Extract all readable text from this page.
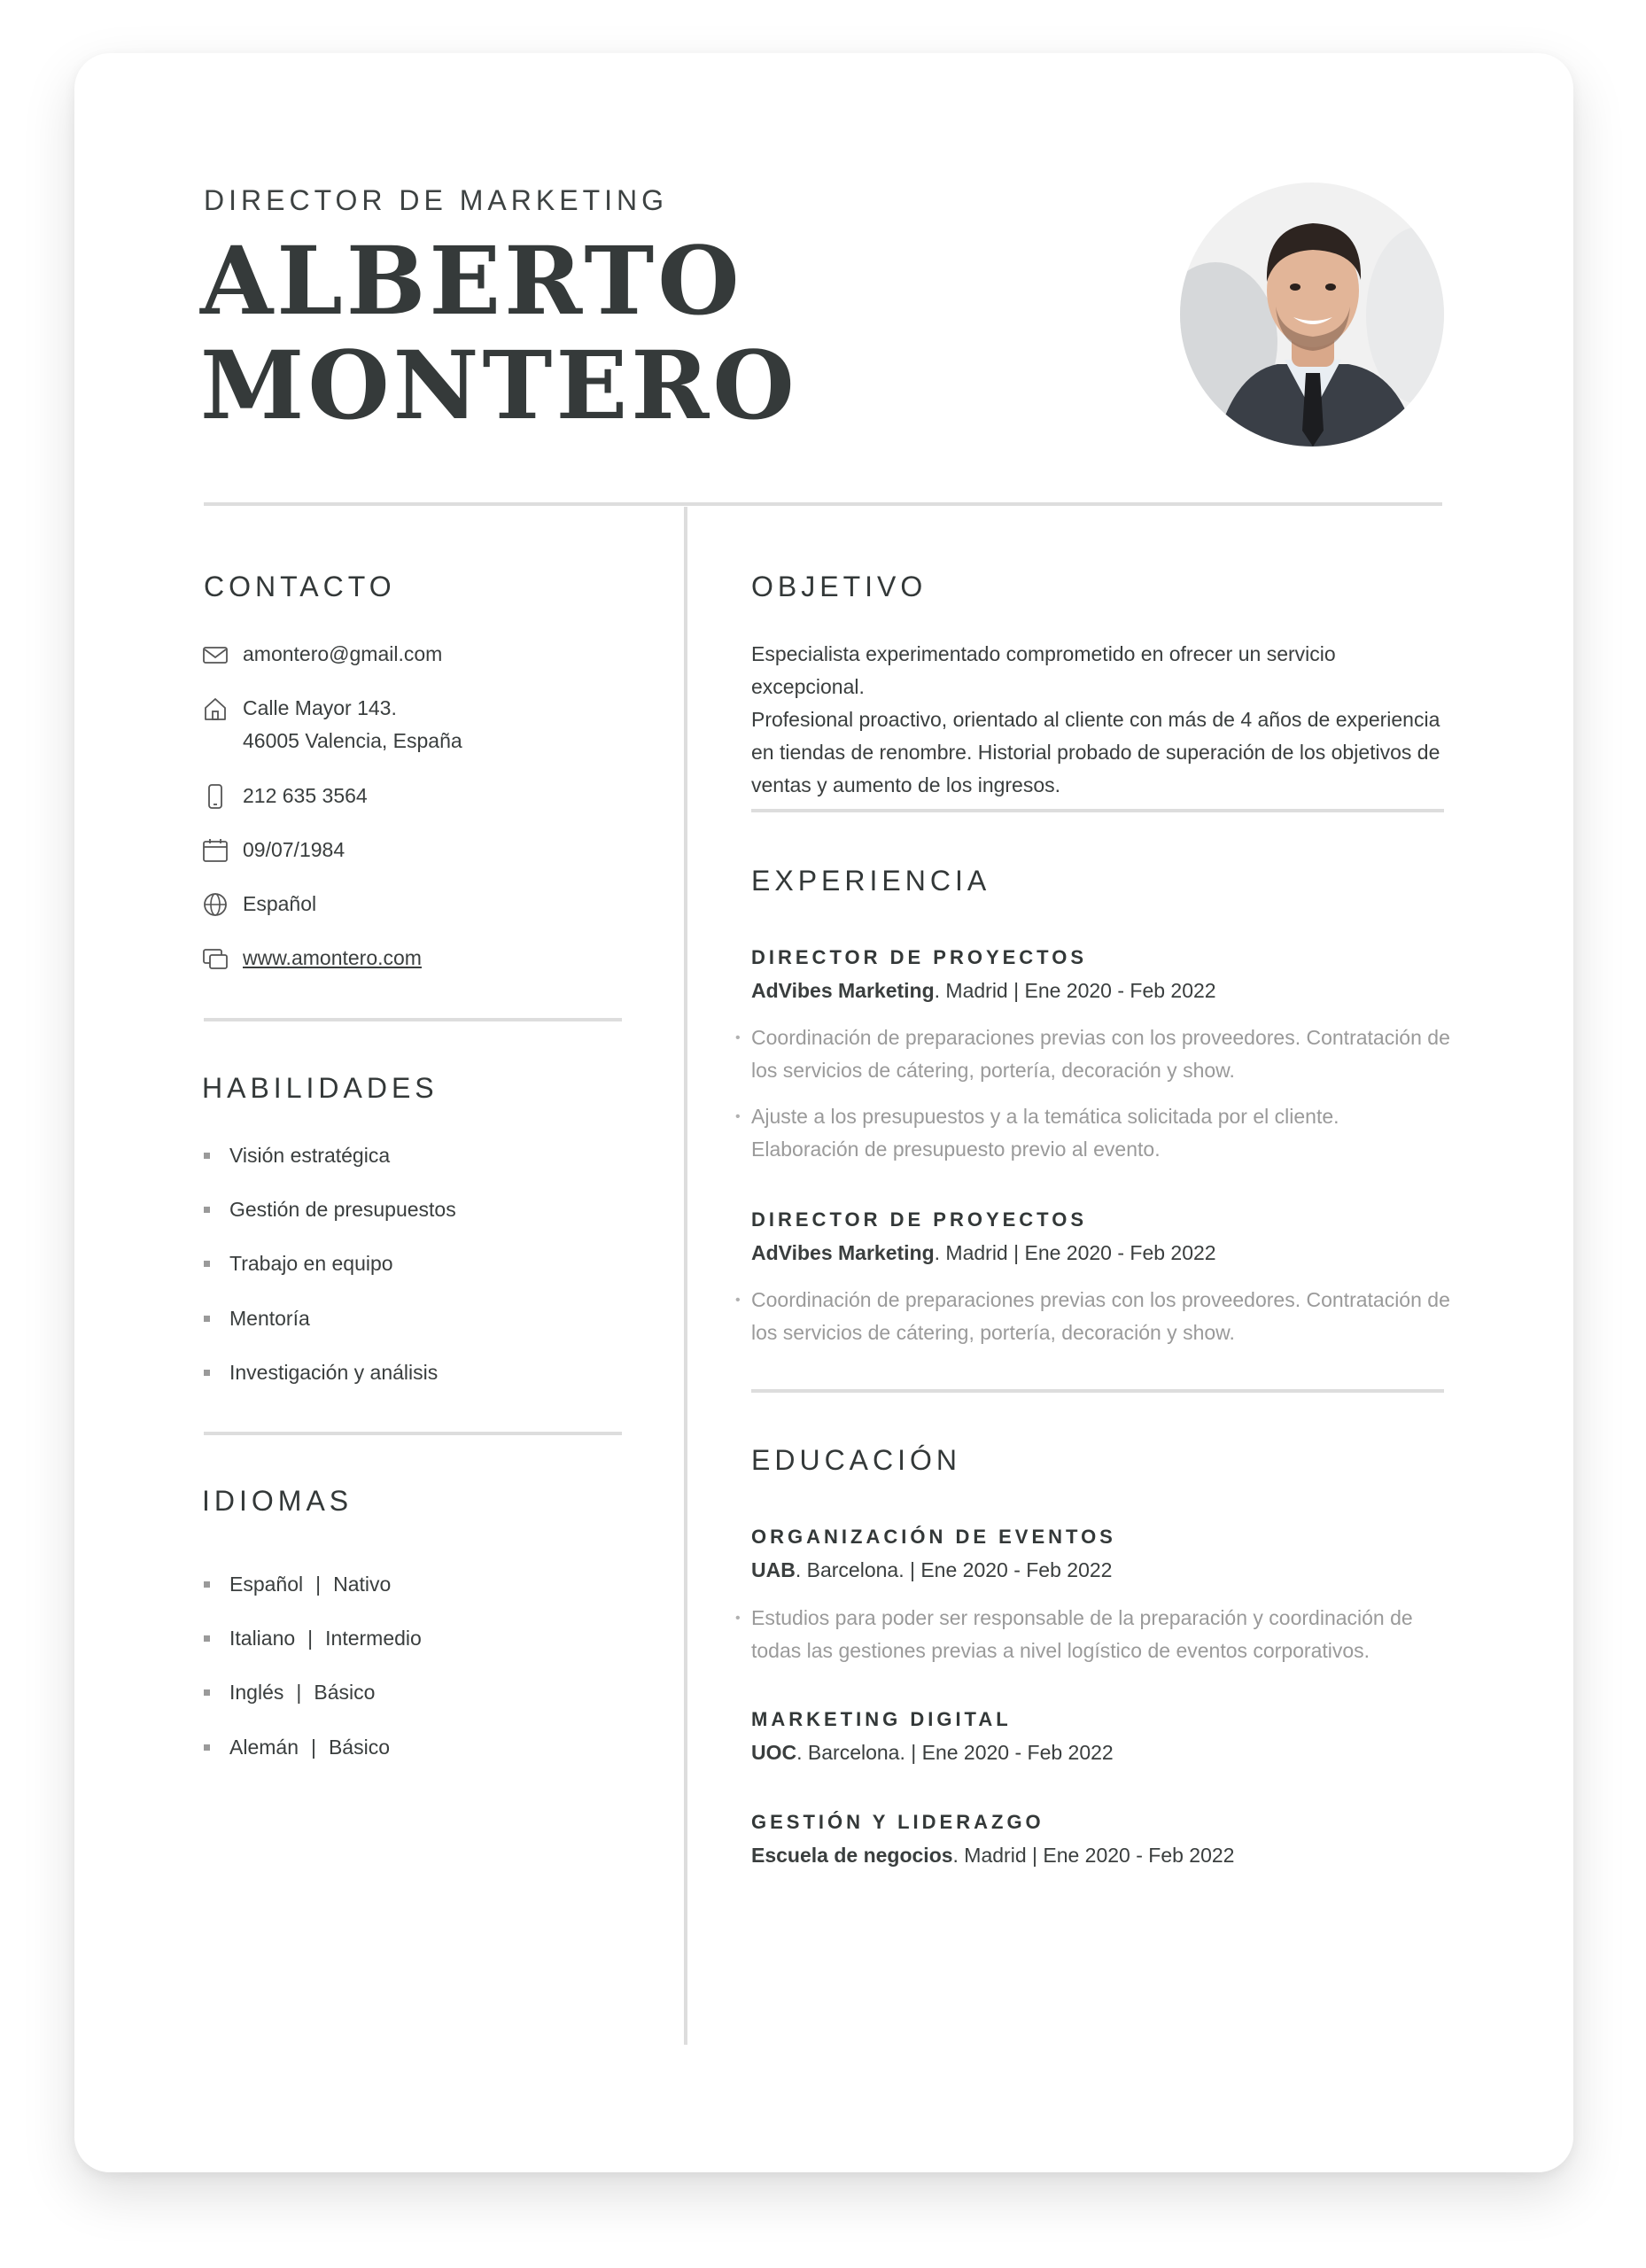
DIRECTOR DE MARKETING
ALBERTO
MONTERO
CONTACTO
amontero@gmail.com
Calle Mayor 143.
46005 Valencia, España
212 635 3564
09/07/1984
Español
www.amontero.com
HABILIDADES
Visión estratégica
Gestión de presupuestos
Trabajo en equipo
Mentoría
Investigación y análisis
IDIOMAS
Español | Nativo
Italiano | Intermedio
Inglés | Básico
Alemán | Básico
OBJETIVO
Especialista experimentado comprometido en ofrecer un servicio excepcional.
Profesional proactivo, orientado al cliente con más de 4 años de experiencia
en tiendas de renombre. Historial probado de superación de los objetivos de
ventas y aumento de los ingresos.
EXPERIENCIA
DIRECTOR DE PROYECTOS
AdVibes Marketing. Madrid | Ene 2020 - Feb 2022
• Coordinación de preparaciones previas con los proveedores. Contratación de
los servicios de cátering, portería, decoración y show.
• Ajuste a los presupuestos y a la temática solicitada por el cliente.
Elaboración de presupuesto previo al evento.
DIRECTOR DE PROYECTOS
AdVibes Marketing. Madrid | Ene 2020 - Feb 2022
• Coordinación de preparaciones previas con los proveedores. Contratación de
los servicios de cátering, portería, decoración y show.
EDUCACIÓN
ORGANIZACIÓN DE EVENTOS
UAB. Barcelona. | Ene 2020 - Feb 2022
• Estudios para poder ser responsable de la preparación y coordinación de
todas las gestiones previas a nivel logístico de eventos corporativos.
MARKETING DIGITAL
UOC. Barcelona. | Ene 2020 - Feb 2022
GESTIÓN Y LIDERAZGO
Escuela de negocios. Madrid | Ene 2020 - Feb 2022
